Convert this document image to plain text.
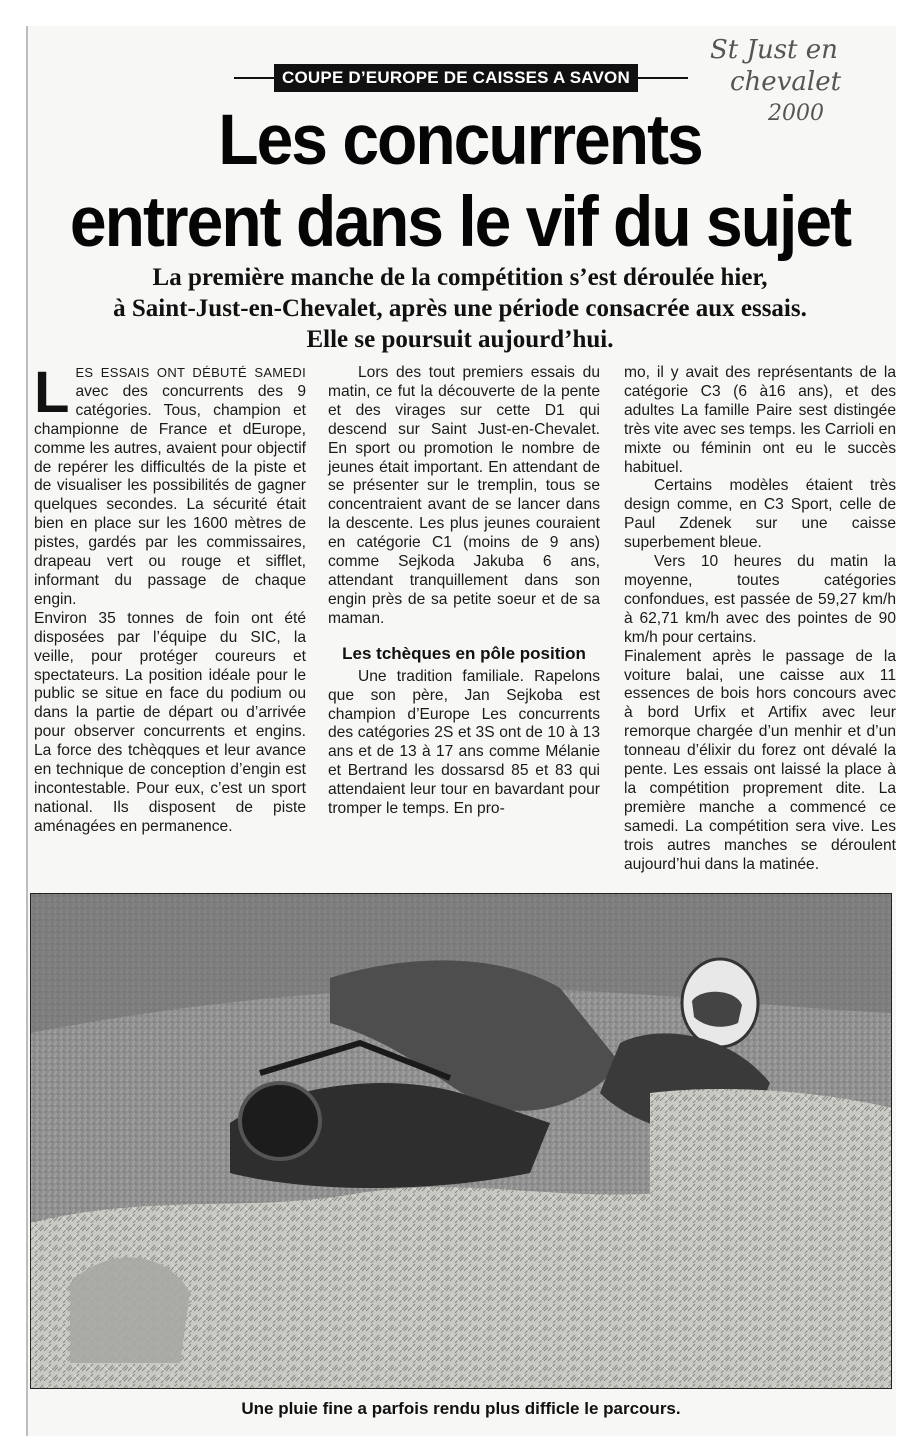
St Just en
chevalet
2000
COUPE D’EUROPE DE CAISSES A SAVON
Les concurrents
entrent dans le vif du sujet
La première manche de la compétition s’est déroulée hier,
à Saint-Just-en-Chevalet, après une période consacrée aux essais.
Elle se poursuit aujourd’hui.

LES ESSAIS ONT DÉBUTÉ SAMEDI avec des concurrents des 9 catégories. Tous, champion et championne de France et dEurope, comme les autres, avaient pour objectif de repérer les difficultés de la piste et de visualiser les possibilités de gagner quelques secondes. La sécurité était bien en place sur les 1600 mètres de pistes, gardés par les commissaires, drapeau vert ou rouge et sifflet, informant du passage de chaque engin.

Environ 35 tonnes de foin ont été disposées par l’équipe du SIC, la veille, pour protéger coureurs et spectateurs. La position idéale pour le public se situe en face du podium ou dans la partie de départ ou d’arrivée pour observer concurrents et engins. La force des tchèqques et leur avance en technique de conception d’engin est incontestable. Pour eux, c’est un sport national. Ils disposent de piste aménagées en permanence.

Lors des tout premiers essais du matin, ce fut la découverte de la pente et des virages sur cette D1 qui descend sur Saint Just-en-Chevalet. En sport ou promotion le nombre de jeunes était important. En attendant de se présenter sur le tremplin, tous se concentraient avant de se lancer dans la descente. Les plus jeunes couraient en catégorie C1 (moins de 9 ans) comme Sejkoda Jakuba 6 ans, attendant tranquillement dans son engin près de sa petite soeur et de sa maman.

Les tchèques en pôle position

Une tradition familiale. Rapelons que son père, Jan Sejkoba est champion d’Europe Les concurrents des catégories 2S et 3S ont de 10 à 13 ans et de 13 à 17 ans comme Mélanie et Bertrand les dossarsd 85 et 83 qui attendaient leur tour en bavardant pour tromper le temps. En pro-

mo, il y avait des représentants de la catégorie C3 (6 à16 ans), et des adultes La famille Paire sest distingée très vite avec ses temps. les Carrioli en mixte ou féminin ont eu le succès habituel.

Certains modèles étaient très design comme, en C3 Sport, celle de Paul Zdenek sur une caisse superbement bleue.

Vers 10 heures du matin la moyenne, toutes catégories confondues, est passée de 59,27 km/h à 62,71 km/h avec des pointes de 90 km/h pour certains.

Finalement après le passage de la voiture balai, une caisse aux 11 essences de bois hors concours avec à bord Urfix et Artifix avec leur remorque chargée d’un menhir et d’un tonneau d’élixir du forez ont dévalé la pente. Les essais ont laissé la place à la compétition proprement dite. La première manche a commencé ce samedi. La compétition sera vive. Les trois autres manches se déroulent aujourd’hui dans la matinée.

Une pluie fine a parfois rendu plus difficle le parcours.
